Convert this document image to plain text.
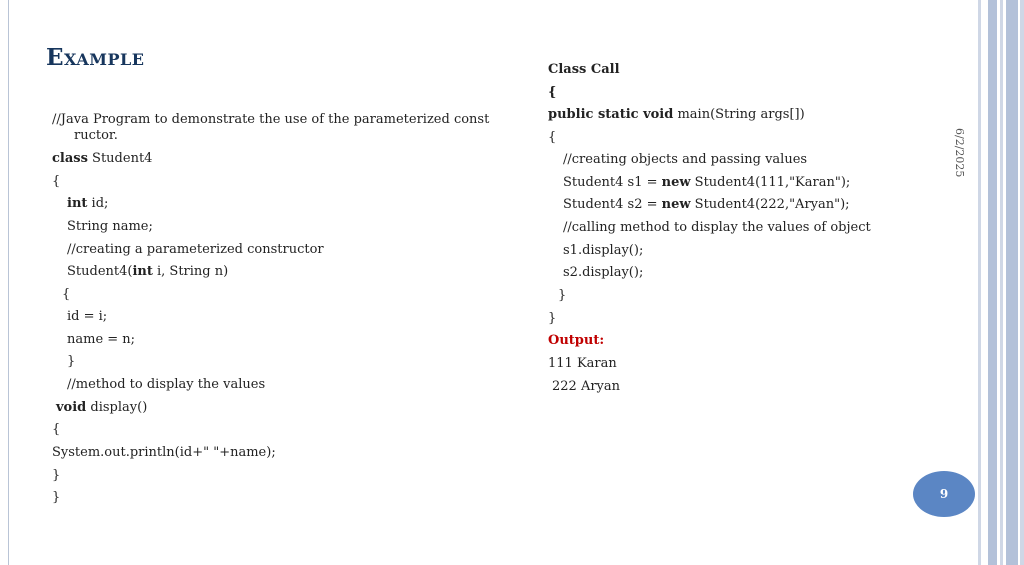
Example
//Java Program to demonstrate the use of the parameterized const
ructor.
class Student4
{
int id;
String name;
//creating a parameterized constructor
Student4(int i, String n)
{
id = i;
name = n;
}
//method to display the values
void display()
{
System.out.println(id+" "+name);
}
}
Class Call
{
public static void main(String args[])
{
//creating objects and passing values
Student4 s1 = new Student4(111,"Karan");
Student4 s2 = new Student4(222,"Aryan");
//calling method to display the values of object
s1.display();
s2.display();
}
}
Output:
111 Karan
222 Aryan
6/2/2025
9
